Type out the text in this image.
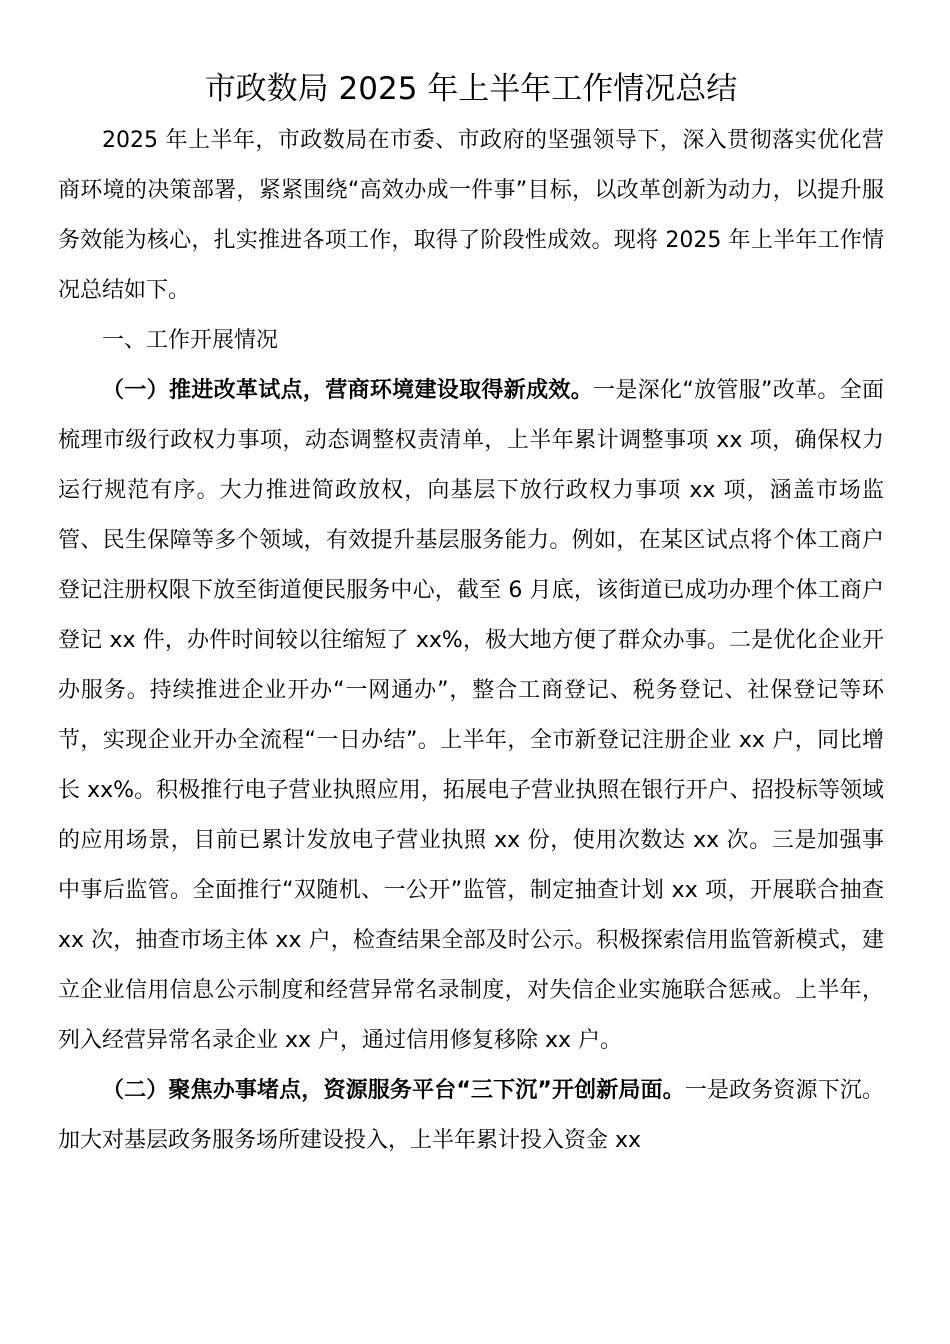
市政数局 2025 年上半年工作情况总结

2025 年上半年，市政数局在市委、市政府的坚强领导下，深入贯彻落实优化营商环境的决策部署，紧紧围绕“高效办成一件事”目标，以改革创新为动力，以提升服务效能为核心，扎实推进各项工作，取得了阶段性成效。现将 2025 年上半年工作情况总结如下。

一、工作开展情况

（一）推进改革试点，营商环境建设取得新成效。一是深化“放管服”改革。全面梳理市级行政权力事项，动态调整权责清单，上半年累计调整事项 xx 项，确保权力运行规范有序。大力推进简政放权，向基层下放行政权力事项 xx 项，涵盖市场监管、民生保障等多个领域，有效提升基层服务能力。例如，在某区试点将个体工商户登记注册权限下放至街道便民服务中心，截至 6 月底，该街道已成功办理个体工商户登记 xx 件，办件时间较以往缩短了 xx%，极大地方便了群众办事。二是优化企业开办服务。持续推进企业开办“一网通办”，整合工商登记、税务登记、社保登记等环节，实现企业开办全流程“一日办结”。上半年，全市新登记注册企业 xx 户，同比增长 xx%。积极推行电子营业执照应用，拓展电子营业执照在银行开户、招投标等领域的应用场景，目前已累计发放电子营业执照 xx 份，使用次数达 xx 次。三是加强事中事后监管。全面推行“双随机、一公开”监管，制定抽查计划 xx 项，开展联合抽查 xx 次，抽查市场主体 xx 户，检查结果全部及时公示。积极探索信用监管新模式，建立企业信用信息公示制度和经营异常名录制度，对失信企业实施联合惩戒。上半年，列入经营异常名录企业 xx 户，通过信用修复移除 xx 户。

（二）聚焦办事堵点，资源服务平台“三下沉”开创新局面。一是政务资源下沉。加大对基层政务服务场所建设投入，上半年累计投入资金 xx
